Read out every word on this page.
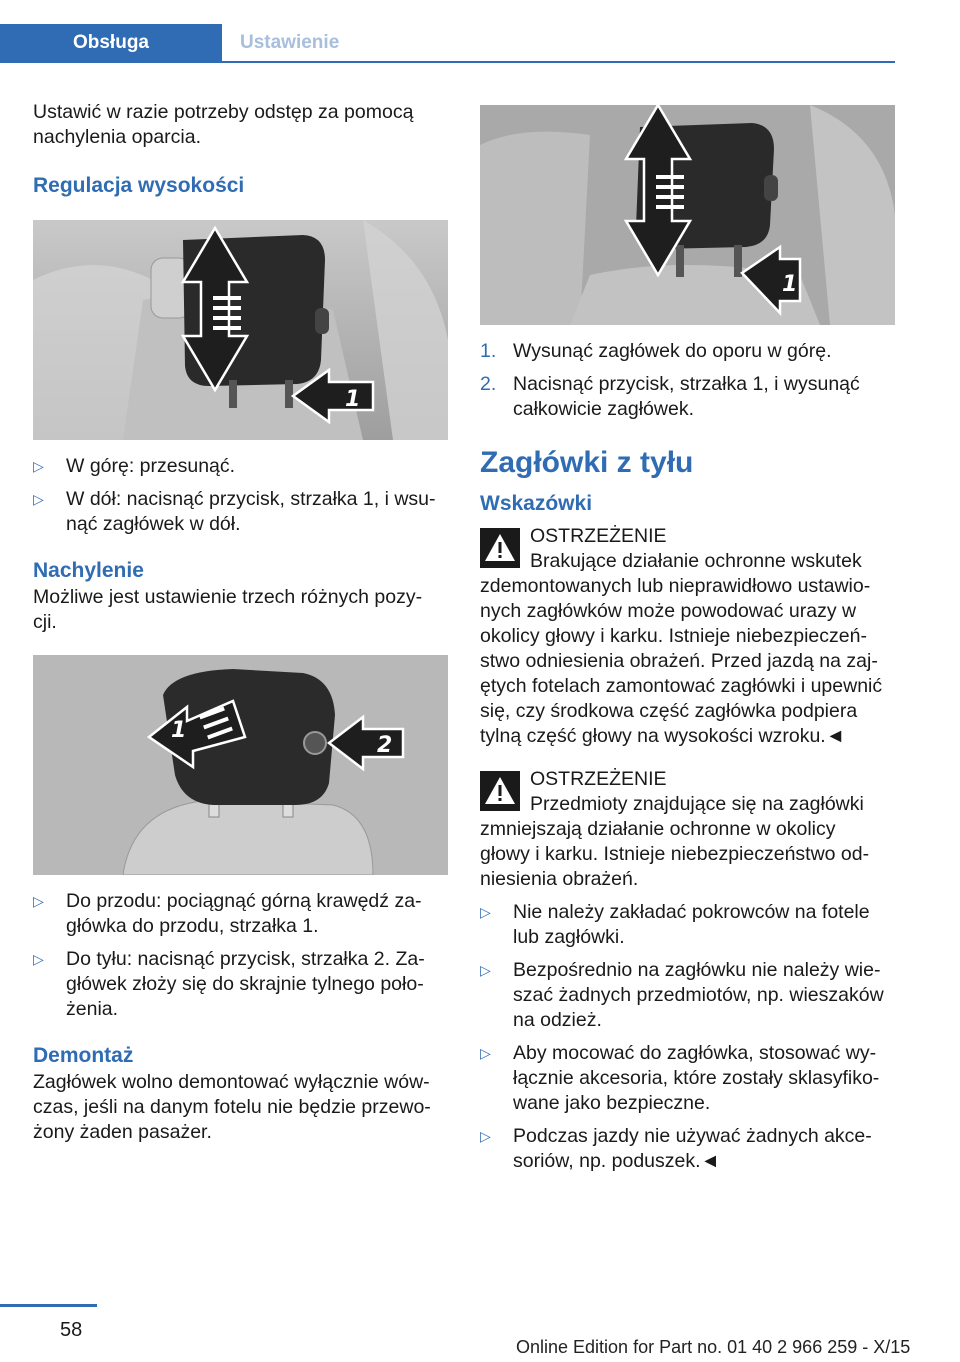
Obsługa	Ustawienie

Ustawić w razie potrzeby odstęp za pomocą nachylenia oparcia.

Regulacja wysokości

1
▷ W górę: przesunąć.
▷ W dół: nacisnąć przycisk, strzałka 1, i wsu- nąć zagłówek w dół.

Nachylenie

Możliwe jest ustawienie trzech różnych pozy- cji.

1
2
▷ Do przodu: pociągnąć górną krawędź za- główka do przodu, strzałka 1.
▷ Do tyłu: nacisnąć przycisk, strzałka 2. Za- główek złoży się do skrajnie tylnego poło- żenia.

Demontaż

Zagłówek wolno demontować wyłącznie wów- czas, jeśli na danym fotelu nie będzie przewo- żony żaden pasażer.

1
1. Wysunąć zagłówek do oporu w górę.
2. Nacisnąć przycisk, strzałka 1, i wysunąć całkowicie zagłówek.

Zagłówki z tyłu

Wskazówki

OSTRZEŻENIE

Brakujące działanie ochronne wskutek

zdemontowanych lub nieprawidłowo ustawio- nych zagłówków może powodować urazy w okolicy głowy i karku. Istnieje niebezpieczeń- stwo odniesienia obrażeń. Przed jazdą na zaj- ętych fotelach zamontować zagłówki i upewnić się, czy środkowa część zagłówka podpiera tylną część głowy na wysokości wzroku.◄

OSTRZEŻENIE

Przedmioty znajdujące się na zagłówki

zmniejszają działanie ochronne w okolicy głowy i karku. Istnieje niebezpieczeństwo od- niesienia obrażeń.

▷ Nie należy zakładać pokrowców na fotele lub zagłówki.
▷ Bezpośrednio na zagłówku nie należy wie- szać żadnych przedmiotów, np. wieszaków na odzież.
▷ Aby mocować do zagłówka, stosować wy- łącznie akcesoria, które zostały sklasyfiko- wane jako bezpieczne.
▷ Podczas jazdy nie używać żadnych akce- soriów, np. poduszek.◄
58
Online Edition for Part no. 01 40 2 966 259 - X/15
